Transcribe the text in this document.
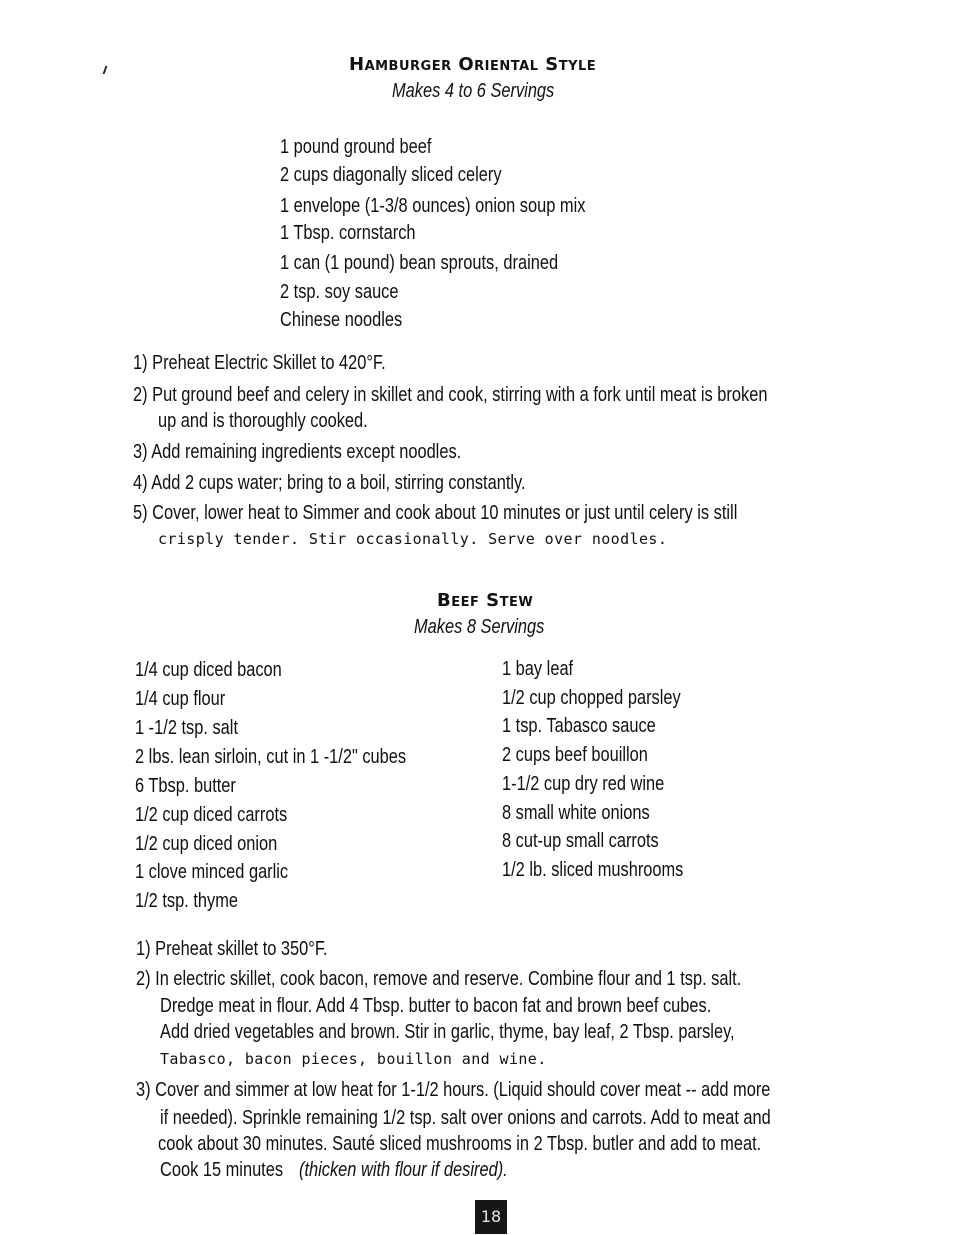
Hamburger Oriental Style
Makes 4 to 6 Servings
1 pound ground beef
2 cups diagonally sliced celery
1 envelope (1-3/8 ounces) onion soup mix
1 Tbsp. cornstarch
1 can (1 pound) bean sprouts, drained
2 tsp. soy sauce
Chinese noodles
1) Preheat Electric Skillet to 420°F.
2) Put ground beef and celery in skillet and cook, stirring with a fork until meat is broken
up and is thoroughly cooked.
3) Add remaining ingredients except noodles.
4) Add 2 cups water; bring to a boil, stirring constantly.
5) Cover, lower heat to Simmer and cook about 10 minutes or just until celery is still
crisply tender. Stir occasionally. Serve over noodles.
Beef Stew
Makes 8 Servings
1/4 cup diced bacon
1/4 cup flour
1 -1/2 tsp. salt
2 lbs. lean sirloin, cut in 1 -1/2" cubes
6 Tbsp. butter
1/2 cup diced carrots
1/2 cup diced onion
1 clove minced garlic
1/2 tsp. thyme
1 bay leaf
1/2 cup chopped parsley
1 tsp. Tabasco sauce
2 cups beef bouillon
1-1/2 cup dry red wine
8 small white onions
8 cut-up small carrots
1/2 lb. sliced mushrooms
1) Preheat skillet to 350°F.
2) In electric skillet, cook bacon, remove and reserve. Combine flour and 1 tsp. salt.
Dredge meat in flour. Add 4 Tbsp. butter to bacon fat and brown beef cubes.
Add dried vegetables and brown. Stir in garlic, thyme, bay leaf, 2 Tbsp. parsley,
Tabasco, bacon pieces, bouillon and wine.
3) Cover and simmer at low heat for 1-1/2 hours. (Liquid should cover meat -- add more
if needed). Sprinkle remaining 1/2 tsp. salt over onions and carrots. Add to meat and
cook about 30 minutes. Sauté sliced mushrooms in 2 Tbsp. butler and add to meat.
Cook 15 minutes (thicken with flour if desired).
18
